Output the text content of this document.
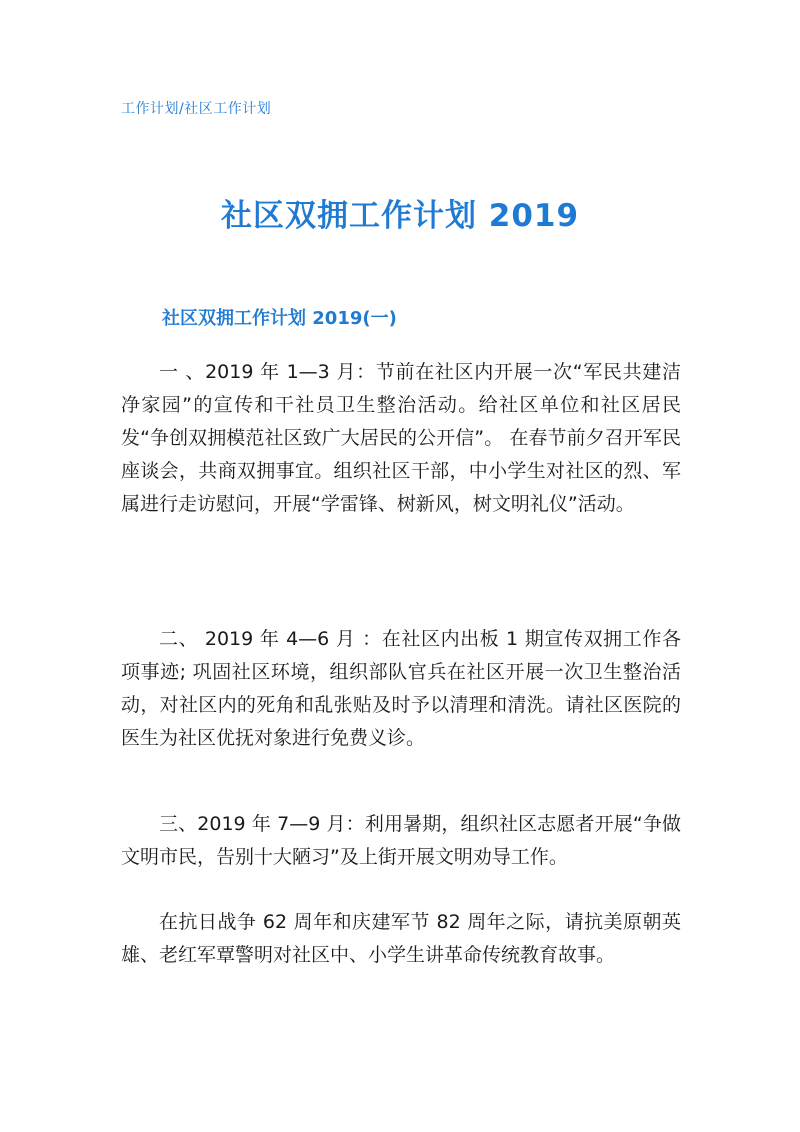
工作计划/社区工作计划
社区双拥工作计划 2019
社区双拥工作计划 2019(一)

一 、2019 年 1—3 月：节前在社区内开展一次“军民共建洁净家园”的宣传和干社员卫生整治活动。给社区单位和社区居民发“争创双拥模范社区致广大居民的公开信”。 在春节前夕召开军民座谈会，共商双拥事宜。组织社区干部，中小学生对社区的烈、军属进行走访慰问，开展“学雷锋、树新风，树文明礼仪”活动。

二、 2019 年 4—6 月 ：在社区内出板 1 期宣传双拥工作各项事迹; 巩固社区环境，组织部队官兵在社区开展一次卫生整治活动，对社区内的死角和乱张贴及时予以清理和清洗。请社区医院的医生为社区优抚对象进行免费义诊。

三、2019 年 7—9 月：利用暑期，组织社区志愿者开展“争做文明市民，告别十大陋习”及上街开展文明劝导工作。

在抗日战争 62 周年和庆建军节 82 周年之际，请抗美原朝英雄、老红军覃警明对社区中、小学生讲革命传统教育故事。
